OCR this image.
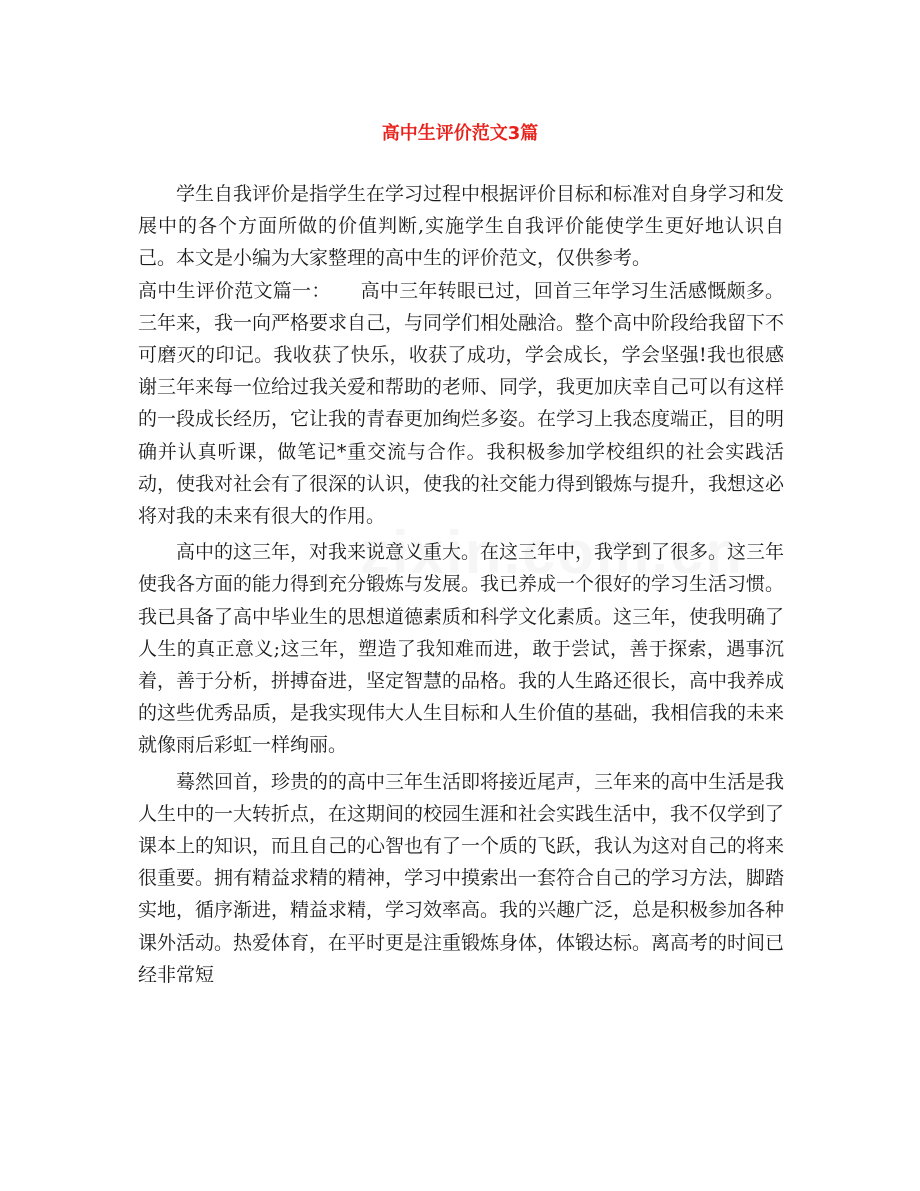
高中生评价范文3篇

学生自我评价是指学生在学习过程中根据评价目标和标准对自身学习和发展中的各个方面所做的价值判断,实施学生自我评价能使学生更好地认识自己。本文是小编为大家整理的高中生的评价范文，仅供参考。

高中生评价范文篇一： 高中三年转眼已过，回首三年学习生活感慨颇多。三年来，我一向严格要求自己，与同学们相处融洽。整个高中阶段给我留下不可磨灭的印记。我收获了快乐，收获了成功，学会成长，学会坚强!我也很感谢三年来每一位给过我关爱和帮助的老师、同学，我更加庆幸自己可以有这样的一段成长经历，它让我的青春更加绚烂多姿。在学习上我态度端正，目的明确并认真听课，做笔记*重交流与合作。我积极参加学校组织的社会实践活动，使我对社会有了很深的认识，使我的社交能力得到锻炼与提升，我想这必将对我的未来有很大的作用。

高中的这三年，对我来说意义重大。在这三年中，我学到了很多。这三年使我各方面的能力得到充分锻炼与发展。我已养成一个很好的学习生活习惯。我已具备了高中毕业生的思想道德素质和科学文化素质。这三年，使我明确了人生的真正意义;这三年，塑造了我知难而进，敢于尝试，善于探索，遇事沉着，善于分析，拼搏奋进，坚定智慧的品格。我的人生路还很长，高中我养成的这些优秀品质，是我实现伟大人生目标和人生价值的基础，我相信我的未来就像雨后彩虹一样绚丽。

蓦然回首，珍贵的的高中三年生活即将接近尾声，三年来的高中生活是我人生中的一大转折点，在这期间的校园生涯和社会实践生活中，我不仅学到了课本上的知识，而且自己的心智也有了一个质的飞跃，我认为这对自己的将来很重要。拥有精益求精的精神，学习中摸索出一套符合自己的学习方法，脚踏实地，循序渐进，精益求精，学习效率高。我的兴趣广泛，总是积极参加各种课外活动。热爱体育，在平时更是注重锻炼身体，体锻达标。离高考的时间已经非常短
